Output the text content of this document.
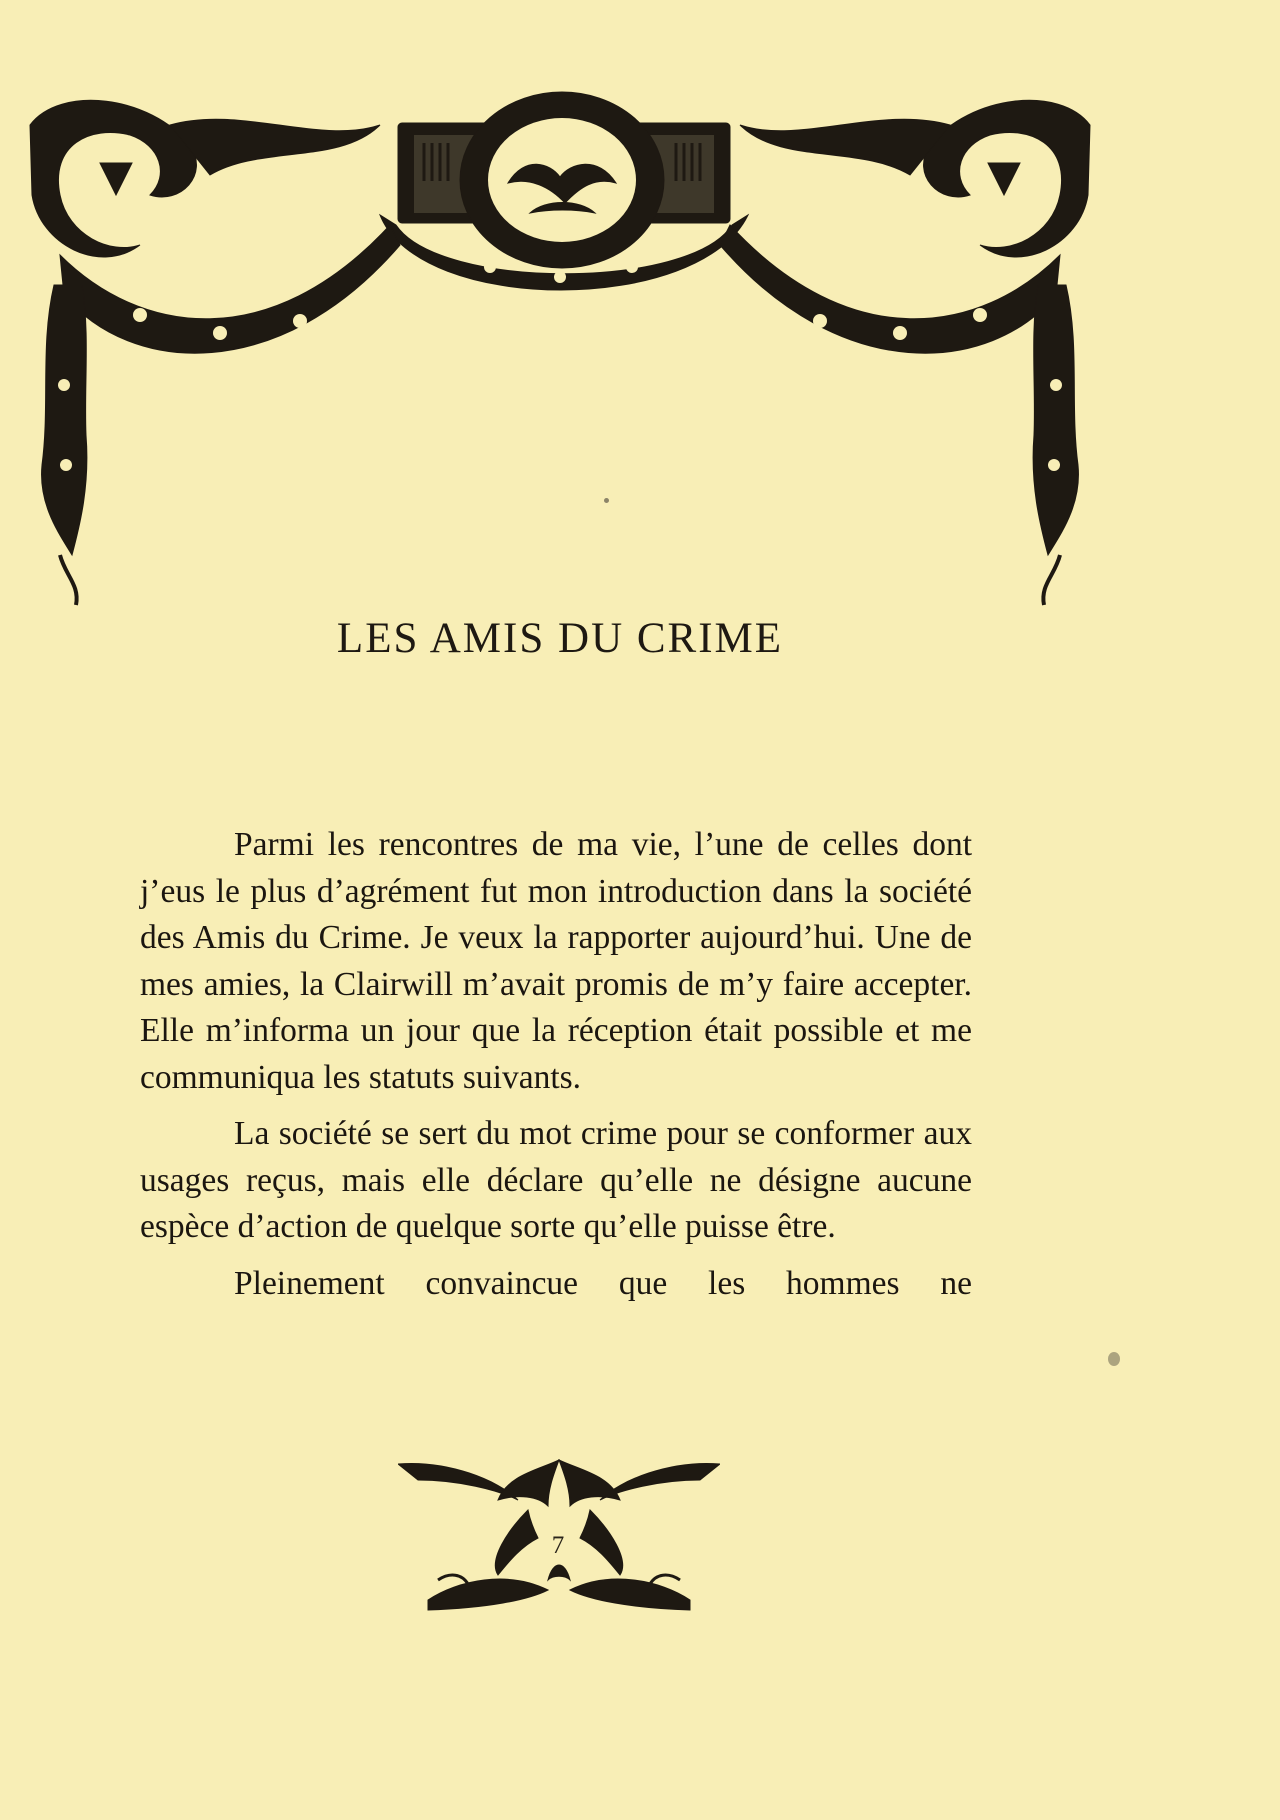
LES AMIS DU CRIME

Parmi les rencontres de ma vie, l’une de celles dont j’eus le plus d’agrément fut mon introduction dans la société des Amis du Crime. Je veux la rapporter aujourd’hui. Une de mes amies, la Clairwill m’avait promis de m’y faire accepter. Elle m’informa un jour que la réception était possible et me communiqua les statuts suivants.

La société se sert du mot crime pour se conformer aux usages reçus, mais elle déclare qu’elle ne désigne aucune espèce d’action de quelque sorte qu’elle puisse être.

Pleinement convaincue que les hommes ne

7
